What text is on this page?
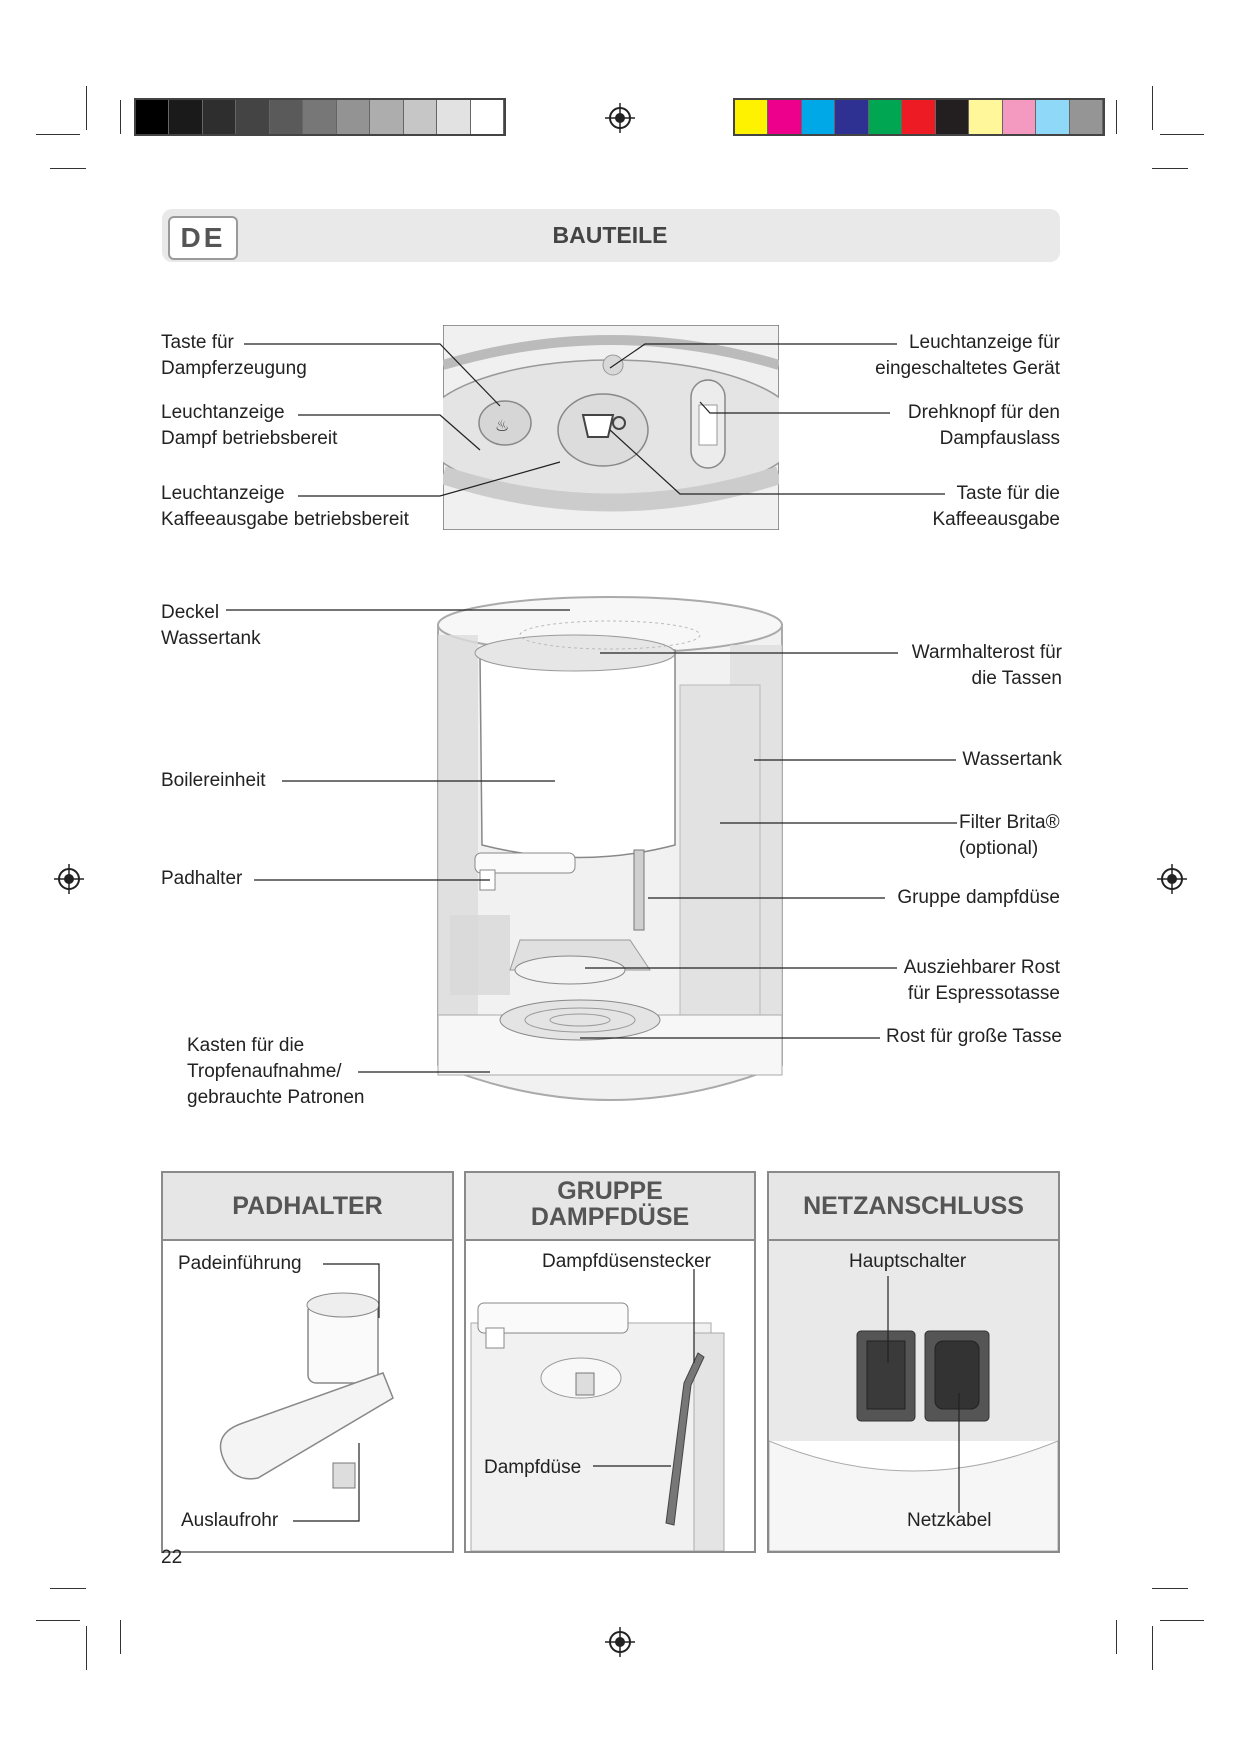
DE	BAUTEILE
♨
Taste für
Dampferzeugung
Leuchtanzeige
Dampf betriebsbereit
Leuchtanzeige
Kaffeeausgabe betriebsbereit
Leuchtanzeige für
eingeschaltetes Gerät
Drehknopf für den
Dampfauslass
Taste für die
Kaffeeausgabe
Deckel
Wassertank
Boilereinheit
Padhalter
Kasten für die
Tropfenaufnahme/
gebrauchte Patronen
Warmhalterost für
die Tassen
Wassertank
Filter Brita®
(optional)
Gruppe dampfdüse
Ausziehbarer Rost
für Espressotasse
Rost für große Tasse
PADHALTER
Padeinführung
Auslaufrohr
GRUPPE
DAMPFDÜSE
Dampfdüsenstecker
Dampfdüse
NETZANSCHLUSS
Hauptschalter
Netzkabel
22
